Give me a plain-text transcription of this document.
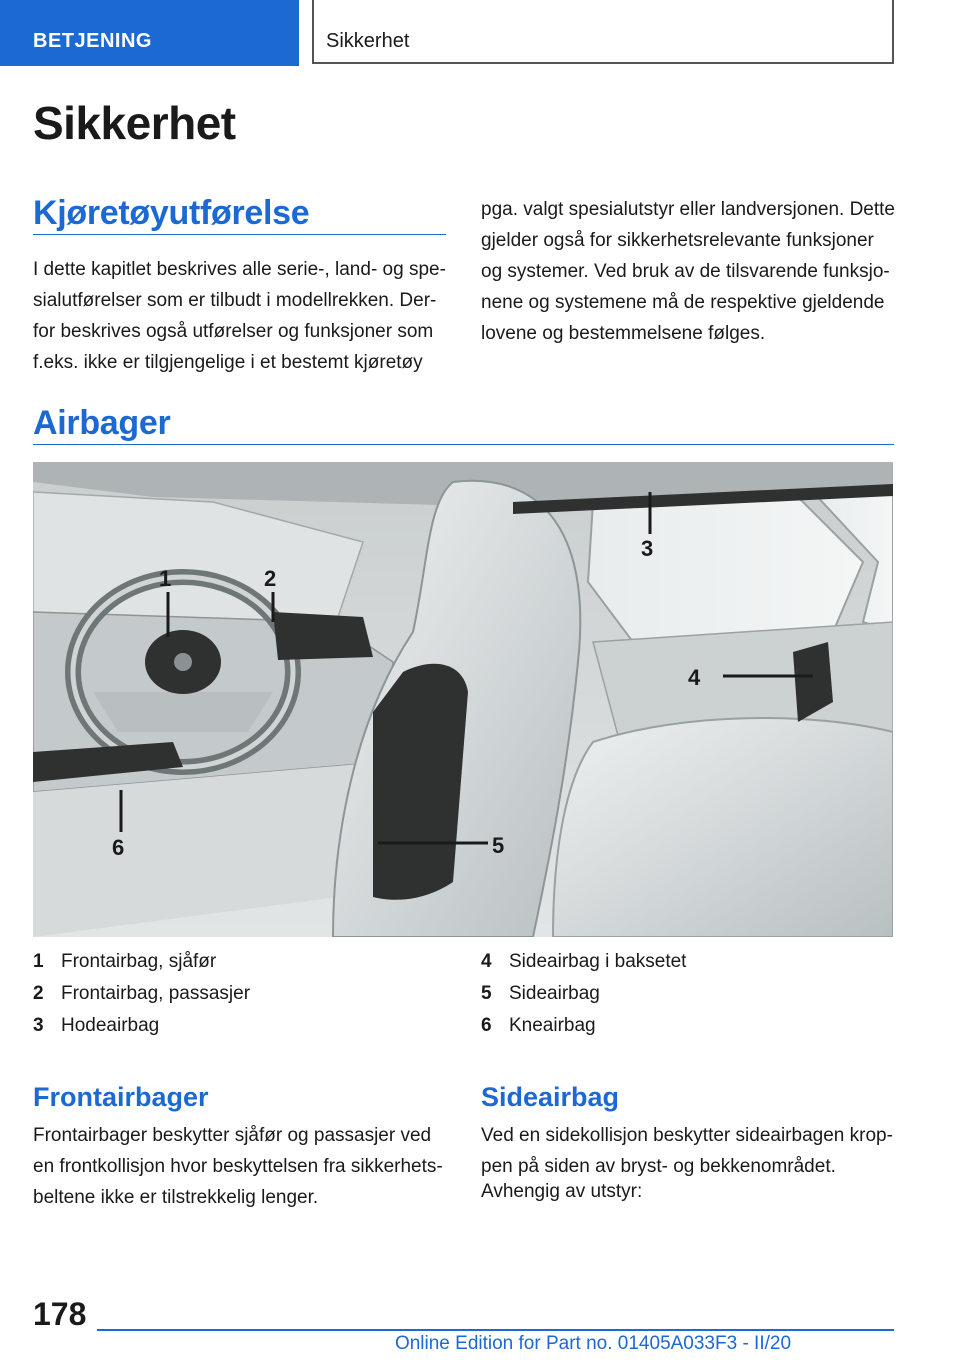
BETJENING	Sikkerhet
Sikkerhet
Kjøretøyutførelse
I dette kapitlet beskrives alle serie-, land- og spe-
sialutførelser som er tilbudt i modellrekken. Der-
for beskrives også utførelser og funksjoner som
f.eks. ikke er tilgjengelige i et bestemt kjøretøy
pga. valgt spesialutstyr eller landversjonen. Dette
gjelder også for sikkerhetsrelevante funksjoner
og systemer. Ved bruk av de tilsvarende funksjo-
nene og systemene må de respektive gjeldende
lovene og bestemmelsene følges.
Airbager
1	2
3
4
5
6
1 Frontairbag, sjåfør
2 Frontairbag, passasjer
3 Hodeairbag
4 Sideairbag i baksetet
5 Sideairbag
6 Kneairbag
Frontairbager
Frontairbager beskytter sjåfør og passasjer ved
en frontkollisjon hvor beskyttelsen fra sikkerhets-
beltene ikke er tilstrekkelig lenger.
Sideairbag
Ved en sidekollisjon beskytter sideairbagen krop-
pen på siden av bryst- og bekkenområdet.
Avhengig av utstyr:
178
Online Edition for Part no. 01405A033F3 - II/20
